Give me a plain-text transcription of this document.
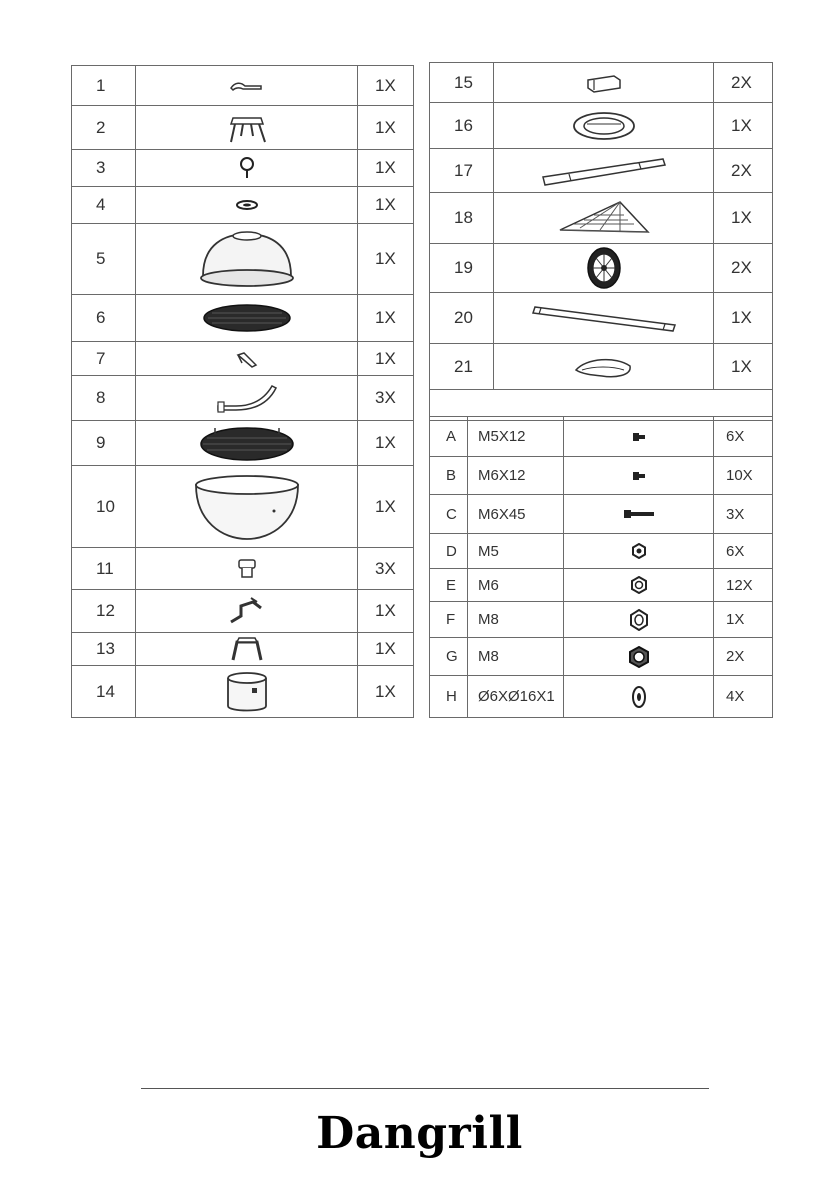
1		1X
2		1X
3		1X
4		1X
5		1X
6		1X
7		1X
8		3X
9		1X
10		1X
11		3X
12		1X
13		1X
14		1X
15		2X
16		1X
17		2X
18		1X
19		2X
20		1X
21		1X

Dangrill
A	M5X12		6X
B	M6X12		10X
C	M6X45		3X
D	M5		6X
E	M6		12X
F	M8		1X
G	M8		2X
H	Ø6XØ16X1		4X
